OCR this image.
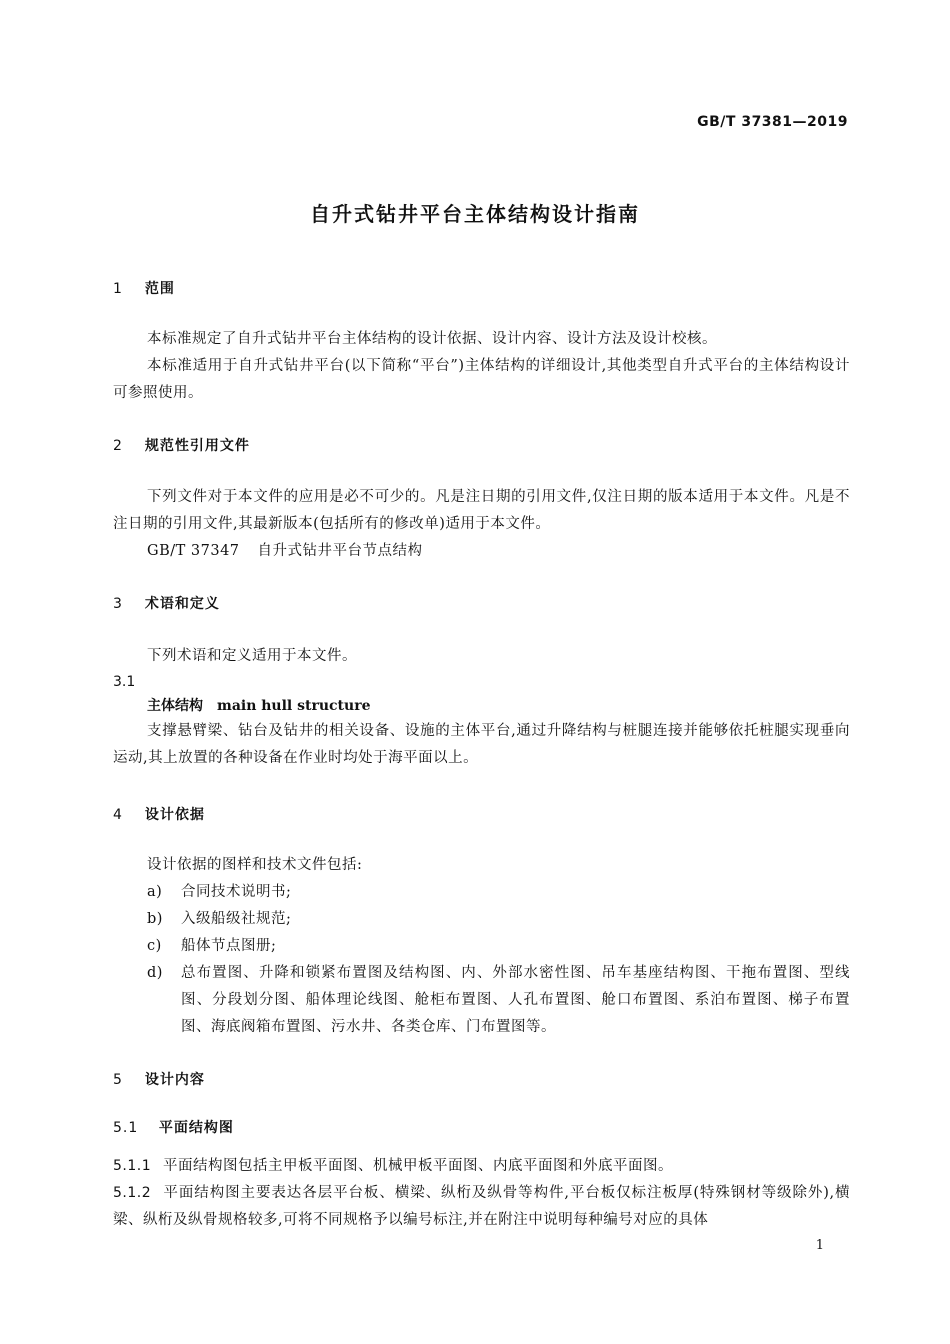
GB/T 37381—2019
自升式钻井平台主体结构设计指南
1 范围
本标准规定了自升式钻井平台主体结构的设计依据、设计内容、设计方法及设计校核。
本标准适用于自升式钻井平台(以下简称“平台”)主体结构的详细设计,其他类型自升式平台的主体结构设计可参照使用。
2 规范性引用文件
下列文件对于本文件的应用是必不可少的。凡是注日期的引用文件,仅注日期的版本适用于本文件。凡是不注日期的引用文件,其最新版本(包括所有的修改单)适用于本文件。
GB/T 37347 自升式钻井平台节点结构
3 术语和定义
下列术语和定义适用于本文件。
3.1
主体结构 main hull structure
支撑悬臂梁、钻台及钻井的相关设备、设施的主体平台,通过升降结构与桩腿连接并能够依托桩腿实现垂向运动,其上放置的各种设备在作业时均处于海平面以上。
4 设计依据
设计依据的图样和技术文件包括:
a) 合同技术说明书;
b) 入级船级社规范;
c) 船体节点图册;
d) 总布置图、升降和锁紧布置图及结构图、内、外部水密性图、吊车基座结构图、干拖布置图、型线图、分段划分图、船体理论线图、舱柜布置图、人孔布置图、舱口布置图、系泊布置图、梯子布置图、海底阀箱布置图、污水井、各类仓库、门布置图等。
5 设计内容
5.1 平面结构图
5.1.1 平面结构图包括主甲板平面图、机械甲板平面图、内底平面图和外底平面图。
5.1.2 平面结构图主要表达各层平台板、横梁、纵桁及纵骨等构件,平台板仅标注板厚(特殊钢材等级除外),横梁、纵桁及纵骨规格较多,可将不同规格予以编号标注,并在附注中说明每种编号对应的具体
1
